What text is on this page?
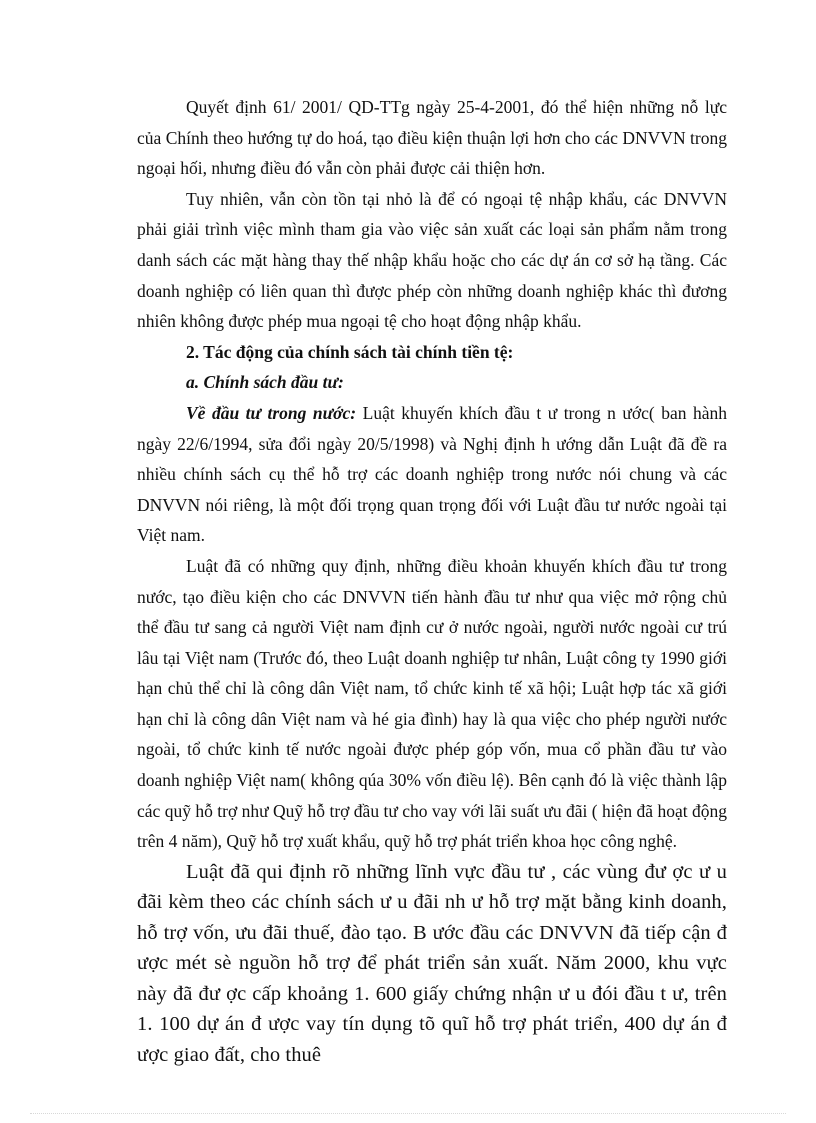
Quyết định 61/ 2001/ QD-TTg ngày 25-4-2001, đó thể hiện những nỗ lực của Chính theo hướng tự do hoá, tạo điều kiện thuận lợi hơn cho các DNVVN trong ngoại hối, nhưng điều đó vẫn còn phải được cải thiện hơn.

Tuy nhiên, vẫn còn tồn tại nhỏ là để có ngoại tệ nhập khẩu, các DNVVN phải giải trình việc mình tham gia vào việc sản xuất các loại sản phẩm nằm trong danh sách các mặt hàng thay thế nhập khẩu hoặc cho các dự án cơ sở hạ tầng. Các doanh nghiệp có liên quan thì được phép còn những doanh nghiệp khác thì đương nhiên không được phép mua ngoại tệ cho hoạt động nhập khẩu.

2. Tác động của chính sách tài chính tiền tệ:

a. Chính sách đầu tư:

Về đầu tư trong nước: Luật khuyến khích đầu t ư trong n ước( ban hành ngày 22/6/1994, sửa đổi ngày 20/5/1998) và Nghị định h ướng dẫn Luật đã đề ra nhiều chính sách cụ thể hỗ trợ các doanh nghiệp trong nước nói chung và các DNVVN nói riêng, là một đối trọng quan trọng đối với Luật đầu tư nước ngoài tại Việt nam.

Luật đã có những quy định, những điều khoản khuyến khích đầu tư trong nước, tạo điều kiện cho các DNVVN tiến hành đầu tư như qua việc mở rộng chủ thể đầu tư sang cả người Việt nam định cư ở nước ngoài, người nước ngoài cư trú lâu tại Việt nam (Trước đó, theo Luật doanh nghiệp tư nhân, Luật công ty 1990 giới hạn chủ thể chỉ là công dân Việt nam, tổ chức kinh tế xã hội; Luật hợp tác xã giới hạn chỉ là công dân Việt nam và hé gia đình) hay là qua việc cho phép người nước ngoài, tổ chức kinh tế nước ngoài được phép góp vốn, mua cổ phần đầu tư vào doanh nghiệp Việt nam( không qúa 30% vốn điều lệ). Bên cạnh đó là việc thành lập các quỹ hỗ trợ như Quỹ hỗ trợ đầu tư cho vay với lãi suất ưu đãi ( hiện đã hoạt động trên 4 năm), Quỹ hỗ trợ xuất khẩu, quỹ hỗ trợ phát triển khoa học công nghệ.

Luật đã qui định rõ những lĩnh vực đầu tư , các vùng đư ợc ư u đãi kèm theo các chính sách ư u đãi nh ư hỗ trợ mặt bằng kinh doanh, hỗ trợ vốn, ưu đãi thuế, đào tạo. B ước đầu các DNVVN đã tiếp cận đ ược mét sè nguồn hỗ trợ để phát triển sản xuất. Năm 2000, khu vực này đã đư ợc cấp khoảng 1. 600 giấy chứng nhận ư u đói đầu t ư, trên 1. 100 dự án đ ược vay tín dụng tõ quĩ hỗ trợ phát triển, 400 dự án đ ược giao đất, cho thuê
